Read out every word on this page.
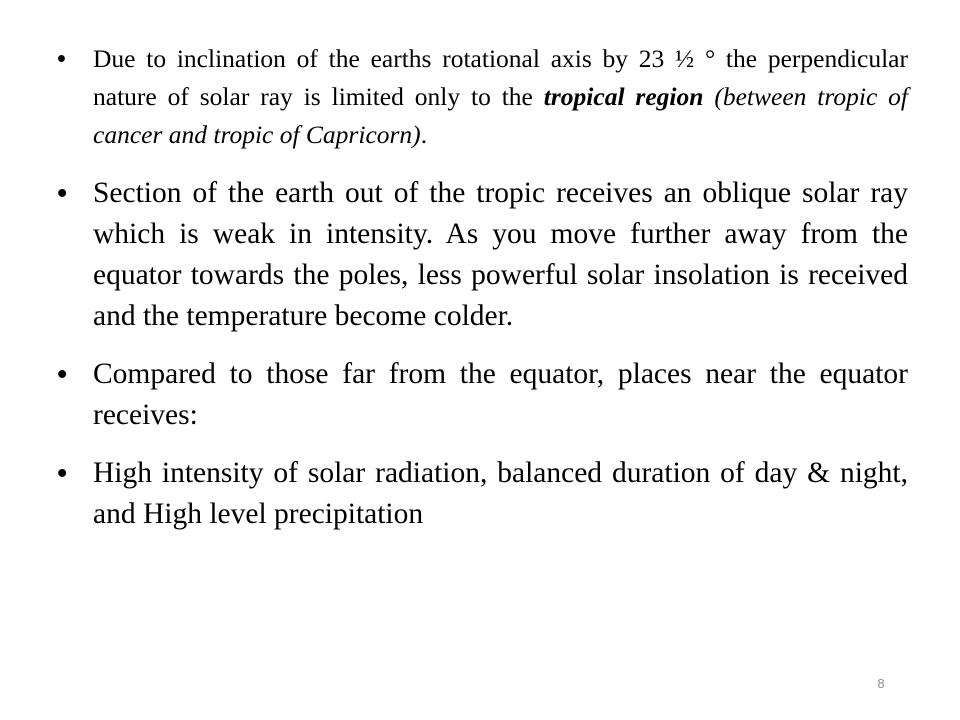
• Due to inclination of the earths rotational axis by 23 ½ ° the perpendicular nature of solar ray is limited only to the tropical region (between tropic of cancer and tropic of Capricorn).
• Section of the earth out of the tropic receives an oblique solar ray which is weak in intensity. As you move further away from the equator towards the poles, less powerful solar insolation is received and the temperature become colder.
• Compared to those far from the equator, places near the equator receives:
• High intensity of solar radiation, balanced duration of day & night, and High level precipitation
8
